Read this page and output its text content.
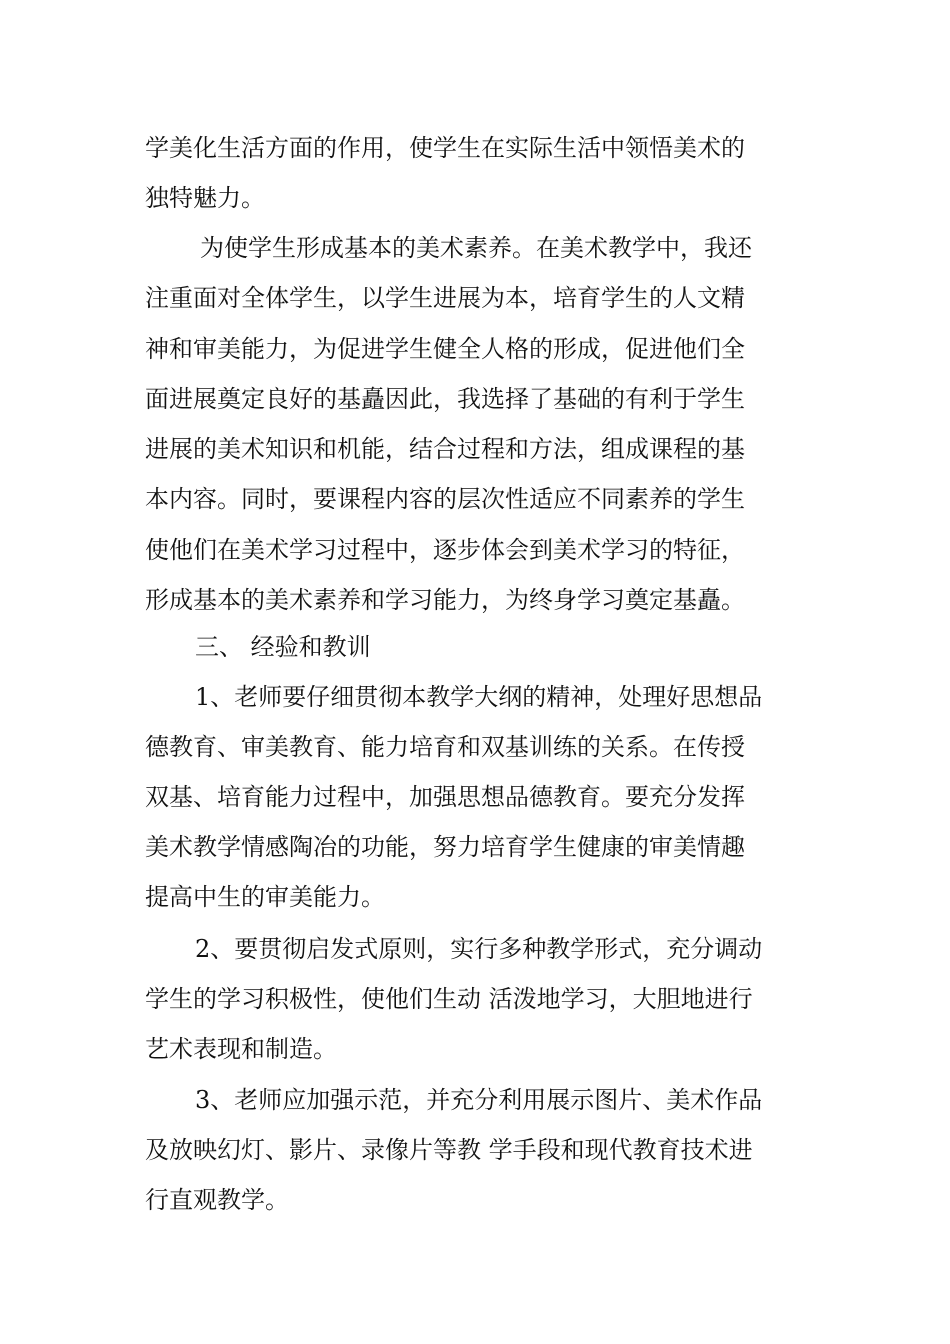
学美化生活方面的作用，使学生在实际生活中领悟美术的
独特魅力。
为使学生形成基本的美术素养。在美术教学中，我还
注重面对全体学生，以学生进展为本，培育学生的人文精
神和审美能力，为促进学生健全人格的形成，促进他们全
面进展奠定良好的基矗因此，我选择了基础的有利于学生
进展的美术知识和机能，结合过程和方法，组成课程的基
本内容。同时，要课程内容的层次性适应不同素养的学生
使他们在美术学习过程中，逐步体会到美术学习的特征，
形成基本的美术素养和学习能力，为终身学习奠定基矗。
三、 经验和教训
1、老师要仔细贯彻本教学大纲的精神，处理好思想品
德教育、审美教育、能力培育和双基训练的关系。在传授
双基、培育能力过程中，加强思想品德教育。要充分发挥
美术教学情感陶冶的功能，努力培育学生健康的审美情趣
提高中生的审美能力。
2、要贯彻启发式原则，实行多种教学形式，充分调动
学生的学习积极性，使他们生动 活泼地学习，大胆地进行
艺术表现和制造。
3、老师应加强示范，并充分利用展示图片、美术作品
及放映幻灯、影片、录像片等教 学手段和现代教育技术进
行直观教学。
